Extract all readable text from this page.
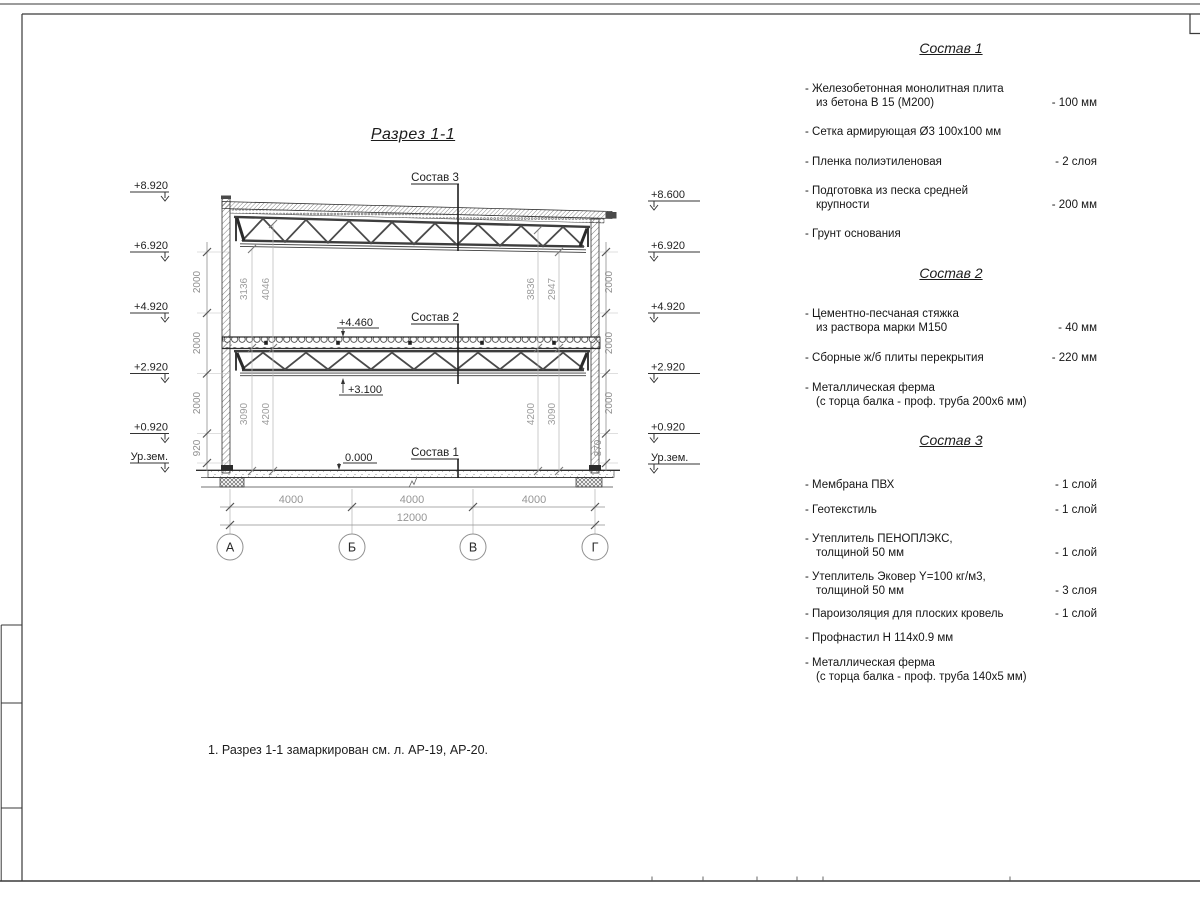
3136 4046	3836 2947
3090 4200	4200 3090
2000
2000
2000
920
2000
2000
2000
870
+8.920
+6.920
+4.920
+2.920
+0.920
Ур.зем.
+8.600
+6.920
+4.920
+2.920
+0.920
Ур.зем.
+4.460
+3.100
0.000
Состав 3
Состав 2
Состав 1
4000	4000	4000
12000
А	Б	В	Г
Разрез 1-1
1. Разрез 1-1 замаркирован см. л. АР-19, АР-20.
Состав 1
- Железобетонная монолитная плита
из бетона В 15 (М200)	- 100 мм
- Сетка армирующая Ø3 100х100 мм
- Пленка полиэтиленовая	- 2 слоя
- Подготовка из песка средней
крупности	- 200 мм
- Грунт основания
Состав 2
- Цементно-песчаная стяжка
из раствора марки М150	- 40 мм
- Сборные ж/б плиты перекрытия	- 220 мм
- Металлическая ферма
(с торца балка - проф. труба 200х6 мм)
Состав 3
- Мембрана ПВХ	- 1 слой
- Геотекстиль	- 1 слой
- Утеплитель ПЕНОПЛЭКС,
толщиной 50 мм	- 1 слой
- Утеплитель Эковер Y=100 кг/м3,
толщиной 50 мм	- 3 слоя
- Пароизоляция для плоских кровель	- 1 слой
- Профнастил Н 114х0.9 мм
- Металлическая ферма
(с торца балка - проф. труба 140х5 мм)
